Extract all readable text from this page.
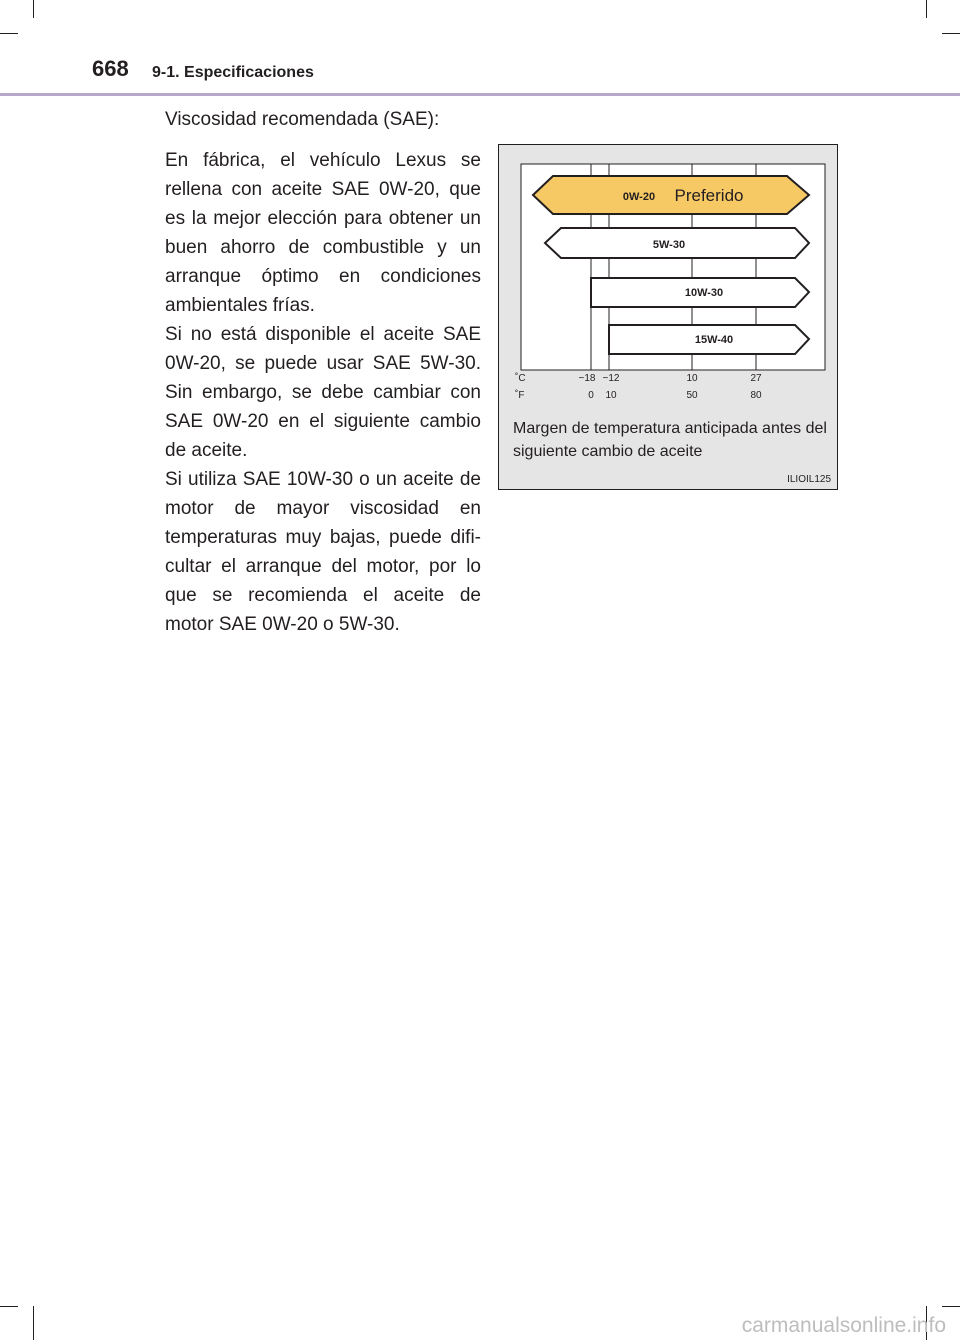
668 9-1. Especificaciones
Viscosidad recomendada (SAE):

En fábrica, el vehículo Lexus se rellena con aceite SAE 0W-20, que es la mejor elección para obtener un buen ahorro de combustible y un arranque óptimo en condiciones ambientales frías.

Si no está disponible el aceite SAE 0W-20, se puede usar SAE 5W-30. Sin embargo, se debe cambiar con SAE 0W-20 en el siguiente cambio de aceite.

Si utiliza SAE 10W-30 o un aceite de motor de mayor viscosidad en temperaturas muy bajas, puede difi-cultar el arranque del motor, por lo que se recomienda el aceite de motor SAE 0W-20 o 5W-30.

0W-20 Preferido
5W-30
10W-30
15W-40
˚C	−18 −12	10	27
˚F	0 10	50	80
Margen de temperatura anticipada antes del siguiente cambio de aceite
ILIOIL125
carmanualsonline.info
